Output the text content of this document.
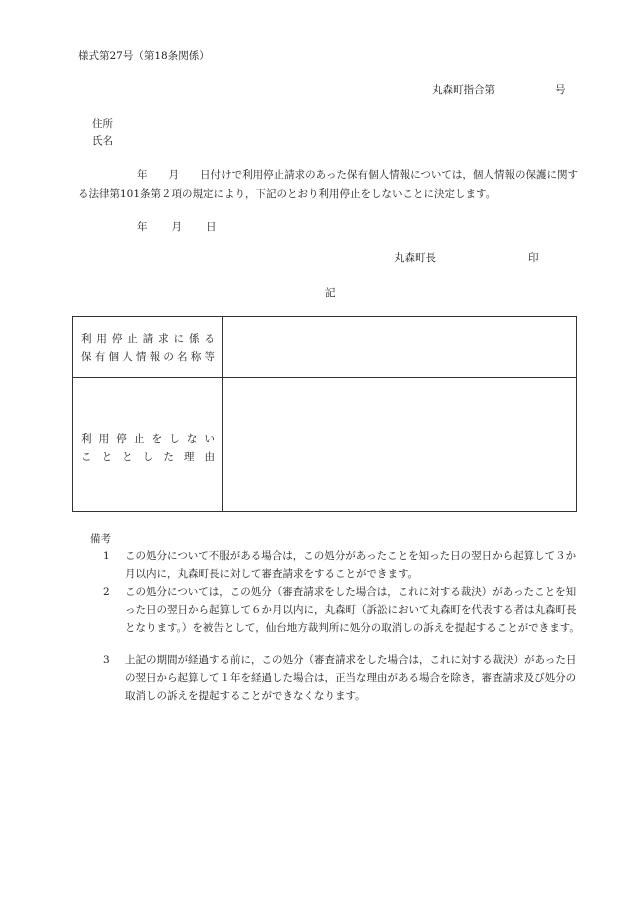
様式第27号（第18条関係）
丸森町指合第	号
住所
氏名
年　　月　　日付けで利用停止請求のあった保有個人情報については，個人情報の保護に関する法律第101条第２項の規定により，下記のとおり利用停止をしないことに決定します。
年 月 日
丸森町長	印
記
利用停止請求に係る
保有個人情報の名称等
利用停止をしない
こととした理由
備考
1	この処分について不服がある場合は，この処分があったことを知った日の翌日から起算して３か月以内に，丸森町長に対して審査請求をすることができます。
2	この処分については，この処分（審査請求をした場合は，これに対する裁決）があったことを知った日の翌日から起算して６か月以内に，丸森町（訴訟において丸森町を代表する者は丸森町長となります。）を被告として，仙台地方裁判所に処分の取消しの訴えを提起することができます。
3	上記の期間が経過する前に，この処分（審査請求をした場合は，これに対する裁決）があった日の翌日から起算して１年を経過した場合は，正当な理由がある場合を除き，審査請求及び処分の取消しの訴えを提起することができなくなります。
